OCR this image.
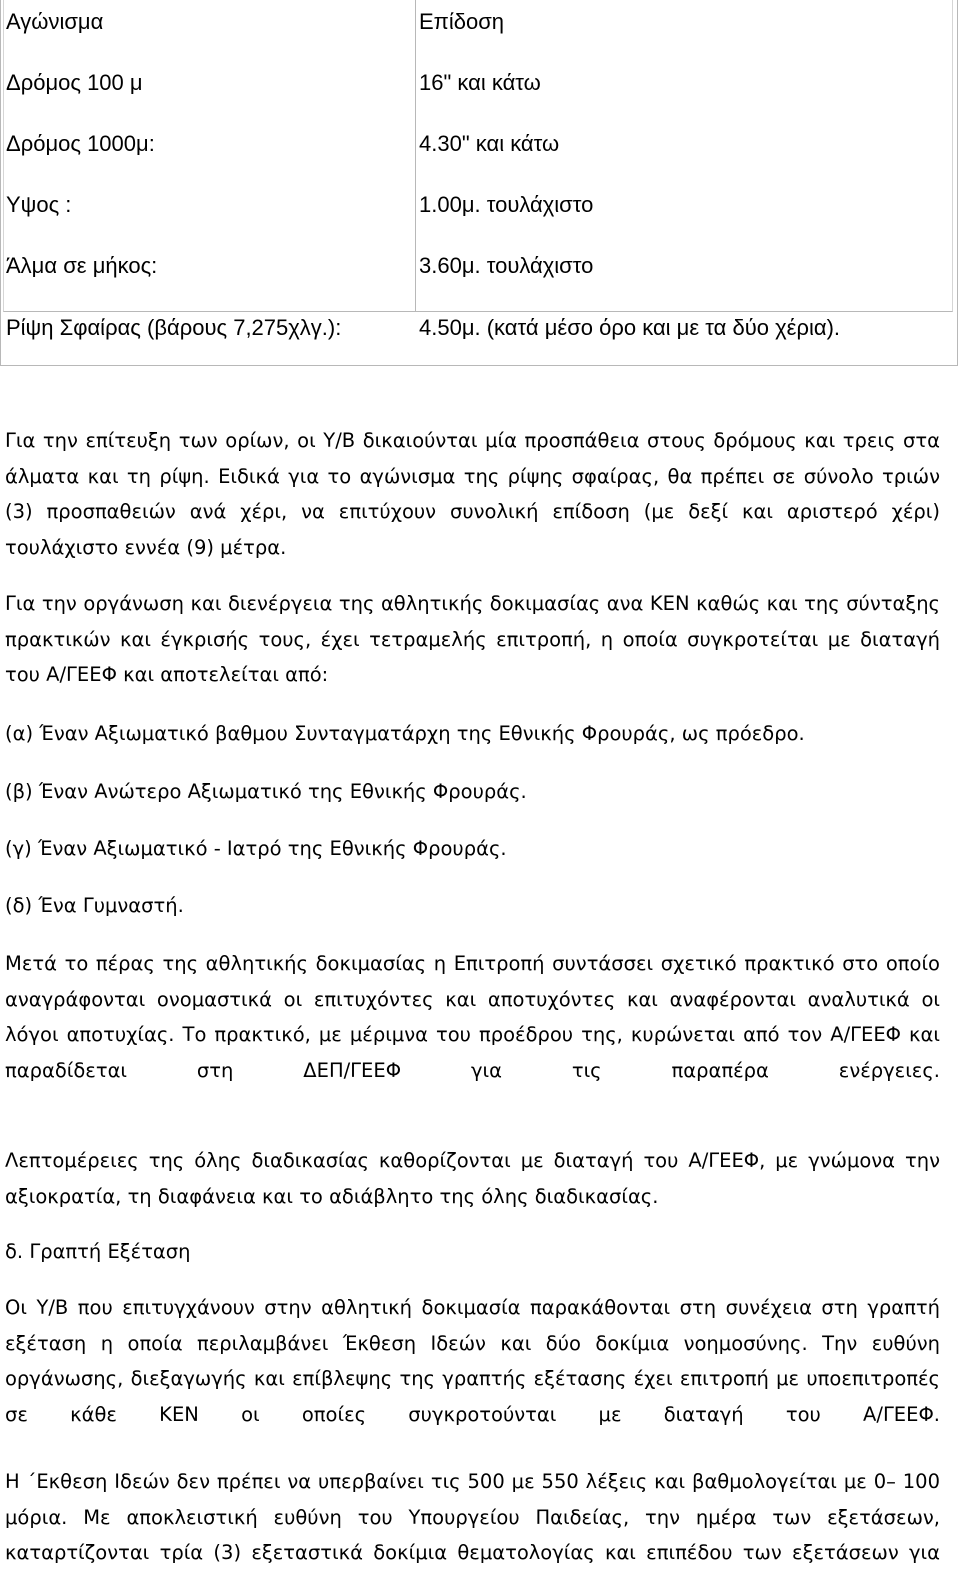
Αγώνισμα	Επίδοση
Δρόμος 100 μ	16" και κάτω
Δρόμος 1000μ:	4.30" και κάτω
Υψος :	1.00μ. τουλάχιστο
Άλμα σε μήκος:	3.60μ. τουλάχιστο
Ρίψη Σφαίρας (βάρους 7,275χλγ.):	4.50μ. (κατά μέσο όρο και με τα δύο χέρια).

Για την επίτευξη των ορίων, οι Υ/Β δικαιούνται μία προσπάθεια στους δρόμους και τρεις στα άλματα και τη ρίψη. Ειδικά για το αγώνισμα της ρίψης σφαίρας, θα πρέπει σε σύνολο τριών (3) προσπαθειών ανά χέρι, να επιτύχουν συνολική επίδοση (με δεξί και αριστερό χέρι) τουλάχιστο εννέα (9) μέτρα.

Για την οργάνωση και διενέργεια της αθλητικής δοκιμασίας ανα ΚΕΝ καθώς και της σύνταξης πρακτικών και έγκρισής τους, έχει τετραμελής επιτροπή, η οποία συγκροτείται με διαταγή του Α/ΓΕΕΦ και αποτελείται από:

(α) Έναν Αξιωματικό βαθμου Συνταγματάρχη της Εθνικής Φρουράς, ως πρόεδρο.

(β) Έναν Ανώτερο Αξιωματικό της Εθνικής Φρουράς.

(γ) Έναν Αξιωματικό - Ιατρό της Εθνικής Φρουράς.

(δ) Ένα Γυμναστή.

Μετά το πέρας της αθλητικής δοκιμασίας η Επιτροπή συντάσσει σχετικό πρακτικό στο οποίο αναγράφονται ονομαστικά οι επιτυχόντες και αποτυχόντες και αναφέρονται αναλυτικά οι λόγοι αποτυχίας. Το πρακτικό, με μέριμνα του προέδρου της, κυρώνεται από τον Α/ΓΕΕΦ και παραδίδεται στη ΔΕΠ/ΓΕΕΦ για τις παραπέρα ενέργειες.

Λεπτομέρειες της όλης διαδικασίας καθορίζονται με διαταγή του Α/ΓΕΕΦ, με γνώμονα την αξιοκρατία, τη διαφάνεια και το αδιάβλητο της όλης διαδικασίας.

δ. Γραπτή Εξέταση

Οι Υ/Β που επιτυγχάνουν στην αθλητική δοκιμασία παρακάθονται στη συνέχεια στη γραπτή εξέταση η οποία περιλαμβάνει Έκθεση Ιδεών και δύο δοκίμια νοημοσύνης. Την ευθύνη οργάνωσης, διεξαγωγής και επίβλεψης της γραπτής εξέτασης έχει επιτροπή με υποεπιτροπές σε κάθε ΚΕΝ οι οποίες συγκροτούνται με διαταγή του Α/ΓΕΕΦ.

Η ΄Εκθεση Ιδεών δεν πρέπει να υπερβαίνει τις 500 με 550 λέξεις και βαθμολογείται με 0– 100 μόρια. Με αποκλειστική ευθύνη του Υπουργείου Παιδείας, την ημέρα των εξετάσεων, καταρτίζονται τρία (3) εξεταστικά δοκίμια θεματολογίας και επιπέδου των εξετάσεων για
